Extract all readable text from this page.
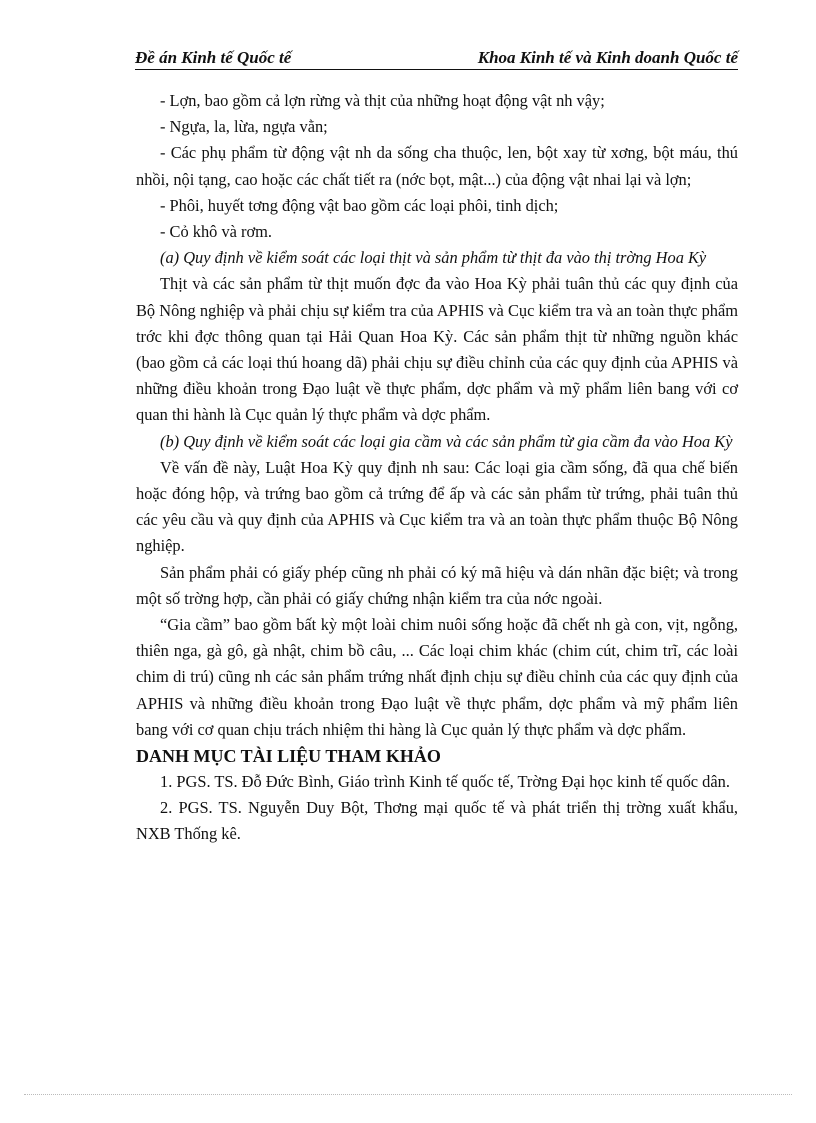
Đề án Kinh tế Quốc tế	Khoa Kinh tế và Kinh doanh Quốc tế

- Lợn, bao gồm cả lợn rừng và thịt của những hoạt động vật nh vậy;

- Ngựa, la, lừa, ngựa vằn;

- Các phụ phẩm từ động vật nh da sống cha thuộc, len, bột xay từ xơng, bột máu, thú nhồi, nội tạng, cao hoặc các chất tiết ra (nớc bọt, mật...) của động vật nhai lại và lợn;

- Phôi, huyết tơng động vật bao gồm các loại phôi, tinh dịch;

- Cỏ khô và rơm.

(a) Quy định về kiểm soát các loại thịt và sản phẩm từ thịt đa vào thị trờng Hoa Kỳ

Thịt và các sản phẩm từ thịt muốn đợc đa vào Hoa Kỳ phải tuân thủ các quy định của Bộ Nông nghiệp và phải chịu sự kiểm tra của APHIS và Cục kiểm tra và an toàn thực phẩm trớc khi đợc thông quan tại Hải Quan Hoa Kỳ. Các sản phẩm thịt từ những nguồn khác (bao gồm cả các loại thú hoang dã) phải chịu sự điều chỉnh của các quy định của APHIS và những điều khoản trong Đạo luật về thực phẩm, dợc phẩm và mỹ phẩm liên bang với cơ quan thi hành là Cục quản lý thực phẩm và dợc phẩm.

(b) Quy định về kiểm soát các loại gia cầm và các sản phẩm từ gia cầm đa vào Hoa Kỳ

Về vấn đề này, Luật Hoa Kỳ quy định nh sau: Các loại gia cầm sống, đã qua chế biến hoặc đóng hộp, và trứng bao gồm cả trứng để ấp và các sản phẩm từ trứng, phải tuân thủ các yêu cầu và quy định của APHIS và Cục kiểm tra và an toàn thực phẩm thuộc Bộ Nông nghiệp.

Sản phẩm phải có giấy phép cũng nh phải có ký mã hiệu và dán nhãn đặc biệt; và trong một số trờng hợp, cần phải có giấy chứng nhận kiểm tra của nớc ngoài.

“Gia cầm” bao gồm bất kỳ một loài chim nuôi sống hoặc đã chết nh gà con, vịt, ngỗng, thiên nga, gà gô, gà nhật, chim bồ câu, ... Các loại chim khác (chim cút, chim trĩ, các loài chim di trú) cũng nh các sản phẩm trứng nhất định chịu sự điều chỉnh của các quy định của APHIS và những điều khoản trong Đạo luật về thực phẩm, dợc phẩm và mỹ phẩm liên bang với cơ quan chịu trách nhiệm thi hàng là Cục quản lý thực phẩm và dợc phẩm.

DANH MỤC TÀI LIỆU THAM KHẢO

1. PGS. TS. Đỗ Đức Bình, Giáo trình Kinh tế quốc tế, Trờng Đại học kinh tế quốc dân.

2. PGS. TS. Nguyễn Duy Bột, Thơng mại quốc tế và phát triển thị trờng xuất khẩu, NXB Thống kê.
